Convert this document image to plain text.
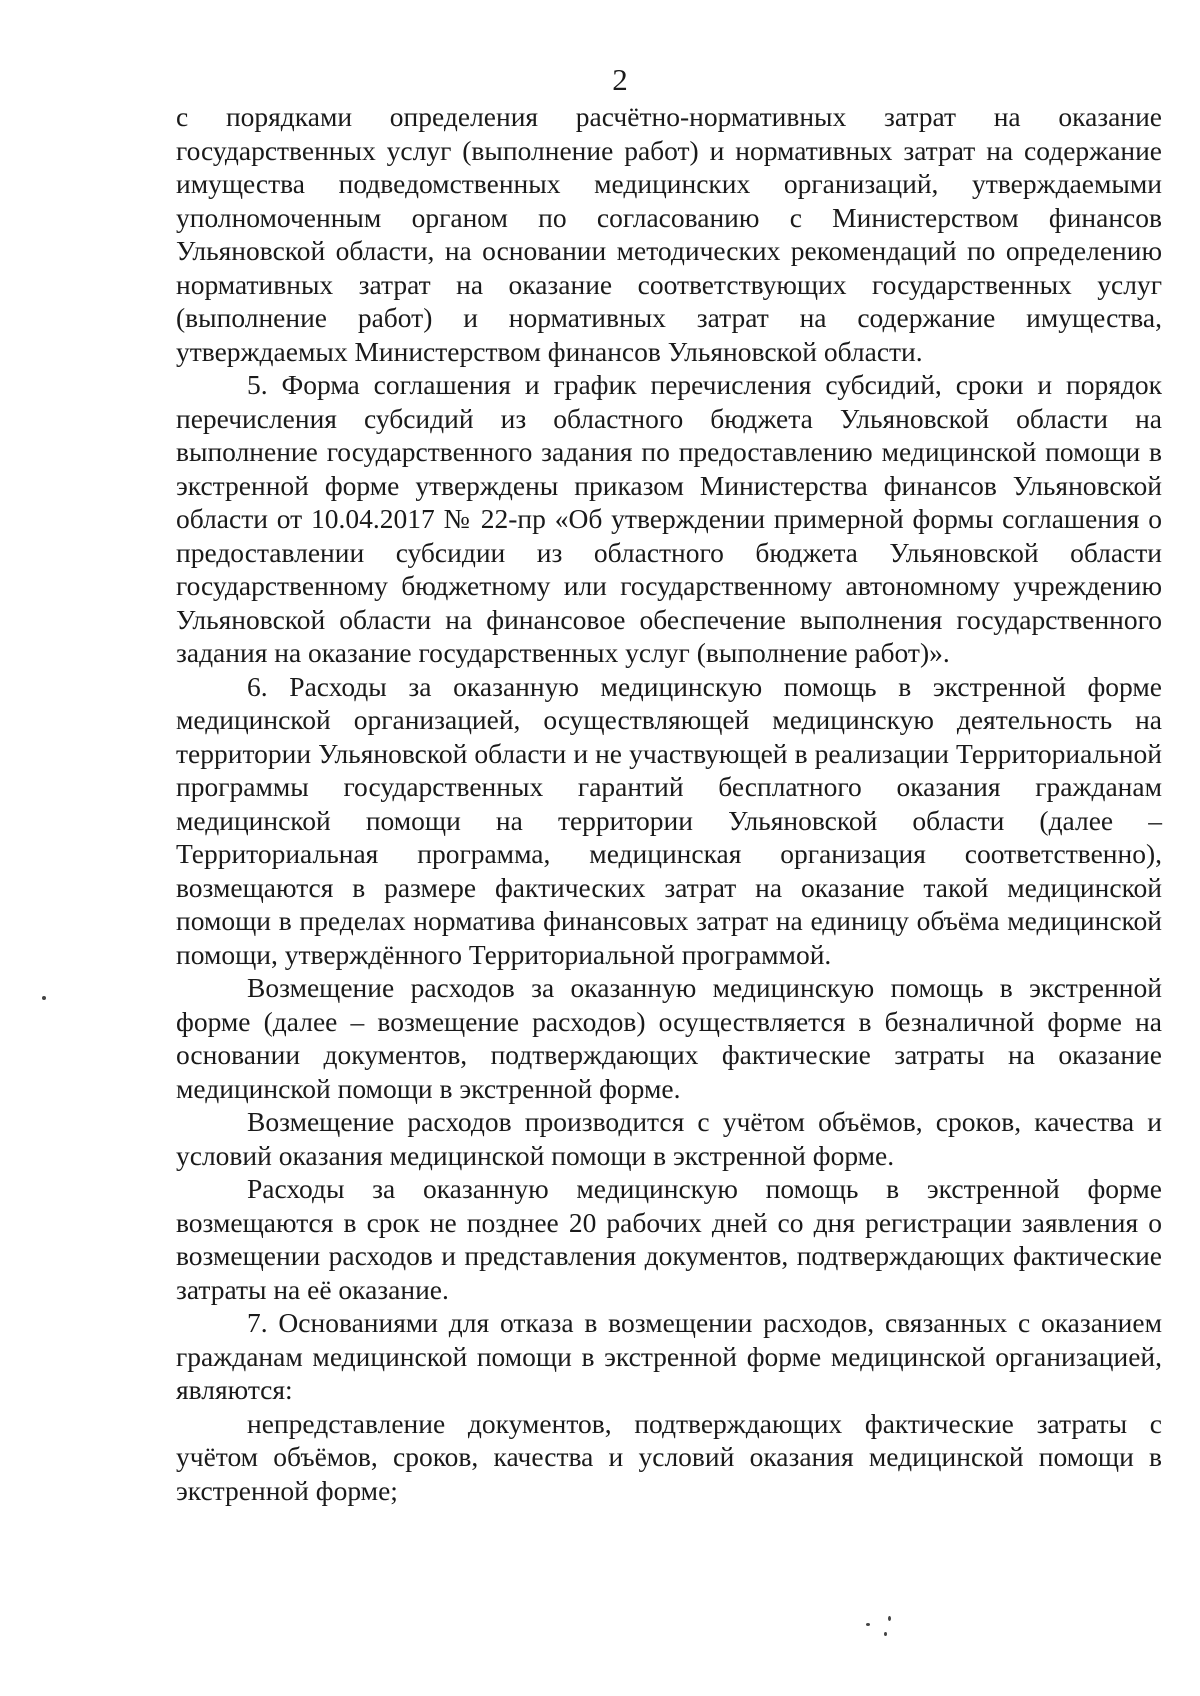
2

с порядками определения расчётно-нормативных затрат на оказание государственных услуг (выполнение работ) и нормативных затрат на содержание имущества подведомственных медицинских организаций, утверждаемыми уполномоченным органом по согласованию с Министерством финансов Ульяновской области, на основании методических рекомендаций по определению нормативных затрат на оказание соответствующих государственных услуг (выполнение работ) и нормативных затрат на содержание имущества, утверждаемых Министерством финансов Ульяновской области.

5. Форма соглашения и график перечисления субсидий, сроки и порядок перечисления субсидий из областного бюджета Ульяновской области на выполнение государственного задания по предоставлению медицинской помощи в экстренной форме утверждены приказом Министерства финансов Ульяновской области от 10.04.2017 № 22-пр «Об утверждении примерной формы соглашения о предоставлении субсидии из областного бюджета Ульяновской области государственному бюджетному или государственному автономному учреждению Ульяновской области на финансовое обеспечение выполнения государственного задания на оказание государственных услуг (выполнение работ)».

6. Расходы за оказанную медицинскую помощь в экстренной форме медицинской организацией, осуществляющей медицинскую деятельность на территории Ульяновской области и не участвующей в реализации Территориальной программы государственных гарантий бесплатного оказания гражданам медицинской помощи на территории Ульяновской области (далее – Территориальная программа, медицинская организация соответственно), возмещаются в размере фактических затрат на оказание такой медицинской помощи в пределах норматива финансовых затрат на единицу объёма медицинской помощи, утверждённого Территориальной программой.

Возмещение расходов за оказанную медицинскую помощь в экстренной форме (далее – возмещение расходов) осуществляется в безналичной форме на основании документов, подтверждающих фактические затраты на оказание медицинской помощи в экстренной форме.

Возмещение расходов производится с учётом объёмов, сроков, качества и условий оказания медицинской помощи в экстренной форме.

Расходы за оказанную медицинскую помощь в экстренной форме возмещаются в срок не позднее 20 рабочих дней со дня регистрации заявления о возмещении расходов и представления документов, подтверждающих фактические затраты на её оказание.

7. Основаниями для отказа в возмещении расходов, связанных с оказанием гражданам медицинской помощи в экстренной форме медицинской организацией, являются:

непредставление документов, подтверждающих фактические затраты с учётом объёмов, сроков, качества и условий оказания медицинской помощи в экстренной форме;
